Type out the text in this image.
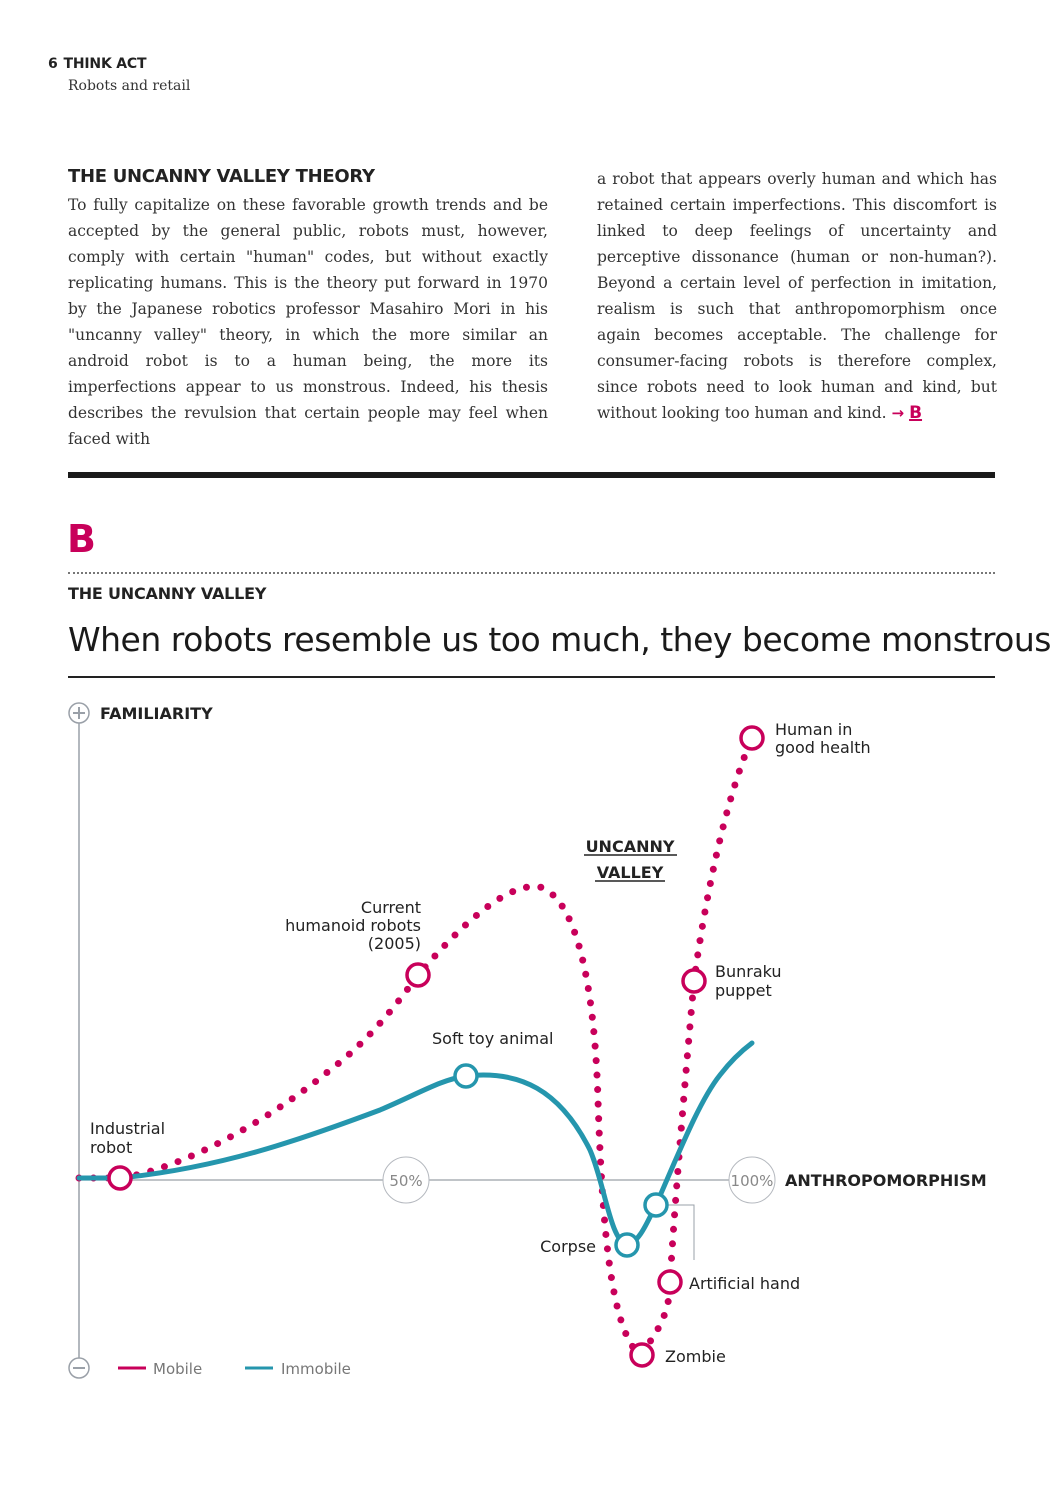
6 THINK ACT
Robots and retail
THE UNCANNY VALLEY THEORY
To fully capitalize on these favorable growth trends and be accepted by the general public, robots must, however, comply with certain "human" codes, but without exactly replicating humans. This is the theory put forward in 1970 by the Japanese robotics professor Masahiro Mori in his "uncanny valley" theory, in which the more similar an android robot is to a human being, the more its imperfections appear to us monstrous. Indeed, his thesis describes the revulsion that certain people may feel when faced with
a robot that appears overly human and which has retained certain imperfections. This discomfort is linked to deep feelings of uncertainty and perceptive dissonance (human or non-human?). Beyond a certain level of perfection in imitation, realism is such that anthropomorphism once again becomes acceptable. The challenge for consumer-facing robots is therefore complex, since robots need to look human and kind, but without looking too human and kind. → B
B
THE UNCANNY VALLEY
When robots resemble us too much, they become monstrous
FAMILIARITY
50%	100% ANTHROPOMORPHISM
UNCANNY
VALLEY
Industrial
robot
Current
humanoid robots
(2005)
Human in
good health
Bunraku
puppet
Soft toy animal
Corpse
Artificial hand
Zombie
Mobile	Immobile
